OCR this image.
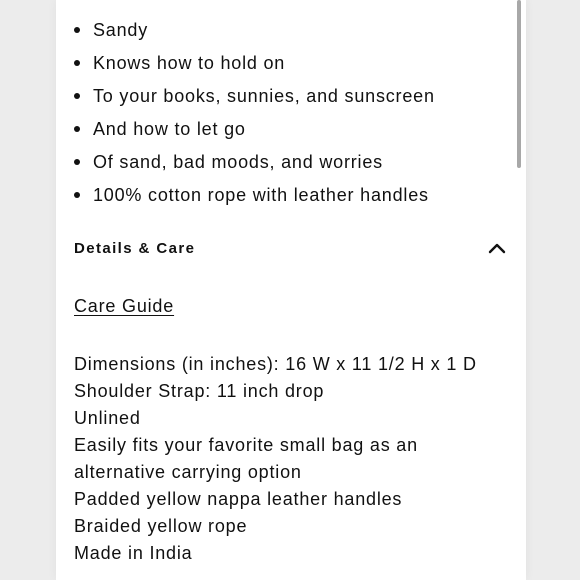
Sandy
Knows how to hold on
To your books, sunnies, and sunscreen
And how to let go
Of sand, bad moods, and worries
100% cotton rope with leather handles
Details & Care
Care Guide
Dimensions (in inches): 16 W x 11 1/2 H x 1 D
Shoulder Strap: 11 inch drop
Unlined
Easily fits your favorite small bag as an alternative carrying option
Padded yellow nappa leather handles
Braided yellow rope
Made in India
